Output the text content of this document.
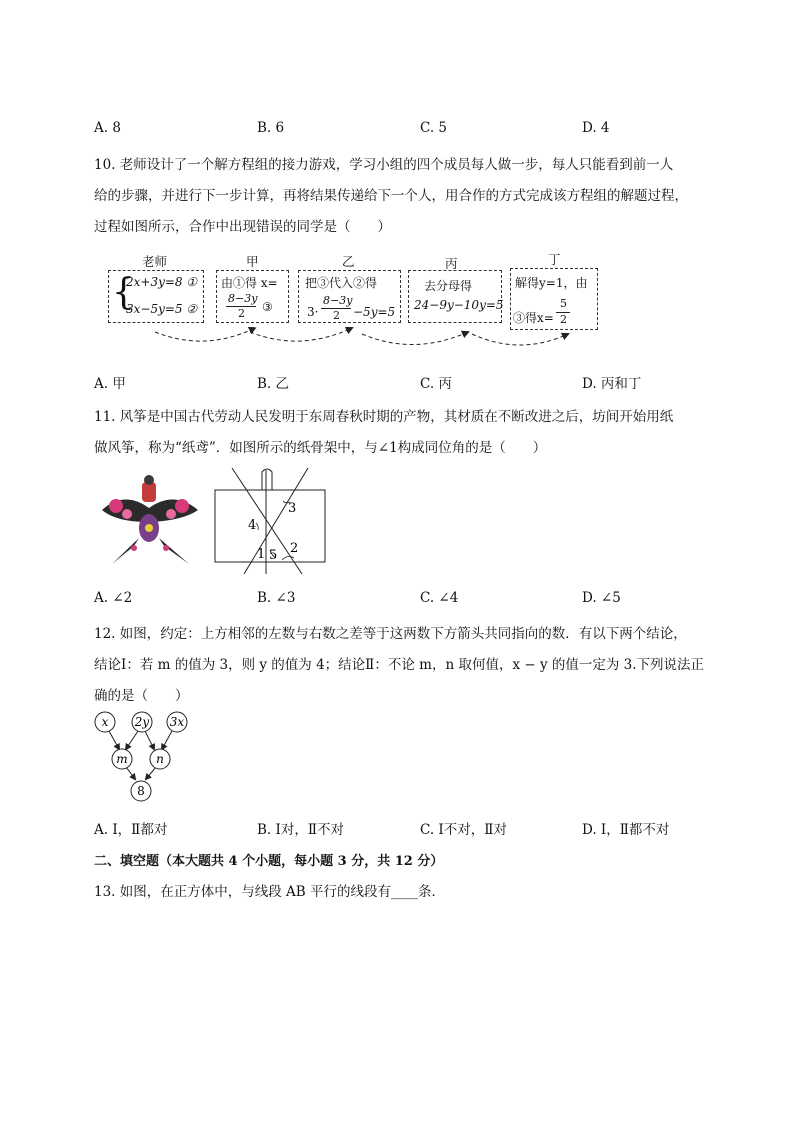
A. 8	B. 6	C. 5	D. 4
10. 老师设计了一个解方程组的接力游戏，学习小组的四个成员每人做一步，每人只能看到前一人
给的步骤，并进行下一步计算，再将结果传递给下一个人，用合作的方式完成该方程组的解题过程，
过程如图所示，合作中出现错误的同学是（　　）
老师	甲	乙	丙	丁
{
2x+3y=8 ①
3x−5y=5 ②
由①得 x=
8−3y
2 ③
把③代入②得
3·
8−3y
2 −5y=5
去分母得
24−9y−10y=5
解得y=1，由
③得x=
5
2
A. 甲	B. 乙	C. 丙	D. 丙和丁
11. 风筝是中国古代劳动人民发明于东周春秋时期的产物，其材质在不断改进之后，坊间开始用纸
做风筝，称为“纸鸢”．如图所示的纸骨架中，与∠1构成同位角的是（　　）
1 2
3
4
5
A. ∠2	B. ∠3	C. ∠4	D. ∠5
12. 如图，约定：上方相邻的左数与右数之差等于这两数下方箭头共同指向的数．有以下两个结论，
结论Ⅰ：若 m 的值为 3，则 y 的值为 4；结论Ⅱ：不论 m，n 取何值，x − y 的值一定为 3.下列说法正
确的是（　　）
x 2y 3x
m n
8
A. Ⅰ，Ⅱ都对	B. Ⅰ对，Ⅱ不对	C. Ⅰ不对，Ⅱ对	D. Ⅰ，Ⅱ都不对
二、填空题（本大题共 4 个小题，每小题 3 分，共 12 分）
13. 如图，在正方体中，与线段 AB 平行的线段有____条．
